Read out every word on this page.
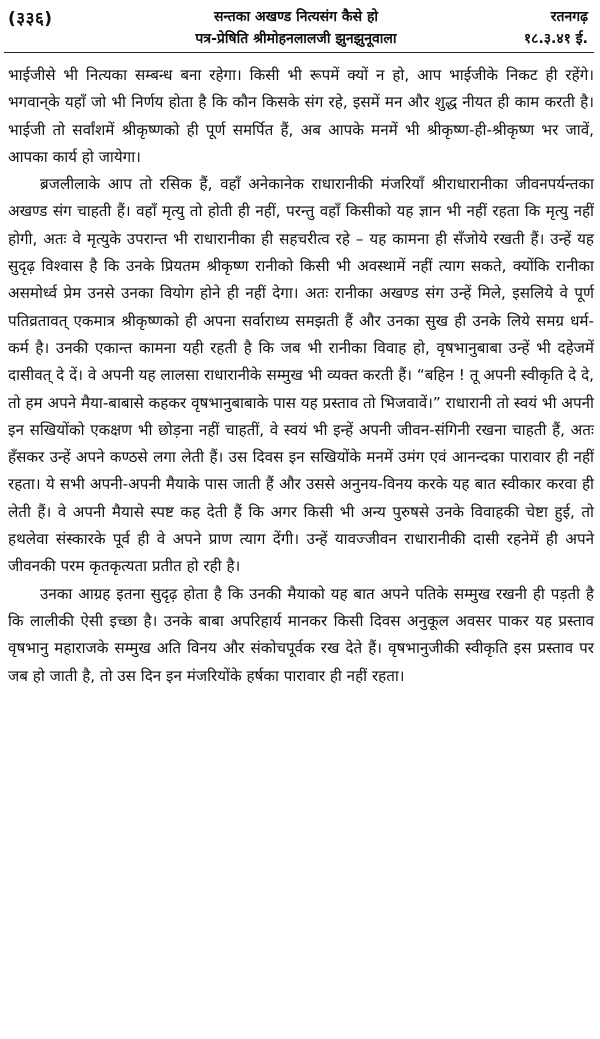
(३३६)	सन्तका अखण्ड नित्यसंग कैसे हो
पत्र-प्रेषिति श्रीमोहनलालजी झुनझुनूवाला
रतनगढ़
१८.३.४१ ई.

भाईजीसे भी नित्यका सम्बन्ध बना रहेगा। किसी भी रूपमें क्यों न हो, आप भाईजीके निकट ही रहेंगे। भगवान्‌के यहाँ जो भी निर्णय होता है कि कौन किसके संग रहे, इसमें मन और शुद्ध नीयत ही काम करती है। भाईजी तो सर्वांशमें श्रीकृष्णको ही पूर्ण समर्पित हैं, अब आपके मनमें भी श्रीकृष्ण-ही-श्रीकृष्ण भर जावें, आपका कार्य हो जायेगा।

ब्रजलीलाके आप तो रसिक हैं, वहाँ अनेकानेक राधारानीकी मंजरियाँ श्रीराधारानीका जीवनपर्यन्तका अखण्ड संग चाहती हैं। वहाँ मृत्यु तो होती ही नहीं, परन्तु वहाँ किसीको यह ज्ञान भी नहीं रहता कि मृत्यु नहीं होगी, अतः वे मृत्युके उपरान्त भी राधारानीका ही सहचरीत्व रहे – यह कामना ही सँजोये रखती हैं। उन्हें यह सुदृढ़ विश्वास है कि उनके प्रियतम श्रीकृष्ण रानीको किसी भी अवस्थामें नहीं त्याग सकते, क्योंकि रानीका असमोर्ध्व प्रेम उनसे उनका वियोग होने ही नहीं देगा। अतः रानीका अखण्ड संग उन्हें मिले, इसलिये वे पूर्ण पतिव्रतावत् एकमात्र श्रीकृष्णको ही अपना सर्वाराध्य समझती हैं और उनका सुख ही उनके लिये समग्र धर्म-कर्म है। उनकी एकान्त कामना यही रहती है कि जब भी रानीका विवाह हो, वृषभानुबाबा उन्हें भी दहेजमें दासीवत् दे दें। वे अपनी यह लालसा राधारानीके सम्मुख भी व्यक्त करती हैं। “बहिन ! तू अपनी स्वीकृति दे दे, तो हम अपने मैया-बाबासे कहकर वृषभानुबाबाके पास यह प्रस्ताव तो भिजवावें।” राधारानी तो स्वयं भी अपनी इन सखियोंको एकक्षण भी छोड़ना नहीं चाहतीं, वे स्वयं भी इन्हें अपनी जीवन-संगिनी रखना चाहती हैं, अतः हँसकर उन्हें अपने कण्ठसे लगा लेती हैं। उस दिवस इन सखियोंके मनमें उमंग एवं आनन्दका पारावार ही नहीं रहता। ये सभी अपनी-अपनी मैयाके पास जाती हैं और उससे अनुनय-विनय करके यह बात स्वीकार करवा ही लेती हैं। वे अपनी मैयासे स्पष्ट कह देती हैं कि अगर किसी भी अन्य पुरुषसे उनके विवाहकी चेष्टा हुई, तो हथलेवा संस्कारके पूर्व ही वे अपने प्राण त्याग देंगी। उन्हें यावज्जीवन राधारानीकी दासी रहनेमें ही अपने जीवनकी परम कृतकृत्यता प्रतीत हो रही है।

उनका आग्रह इतना सुदृढ़ होता है कि उनकी मैयाको यह बात अपने पतिके सम्मुख रखनी ही पड़ती है कि लालीकी ऐसी इच्छा है। उनके बाबा अपरिहार्य मानकर किसी दिवस अनुकूल अवसर पाकर यह प्रस्ताव वृषभानु महाराजके सम्मुख अति विनय और संकोचपूर्वक रख देते हैं। वृषभानुजीकी स्वीकृति इस प्रस्ताव पर जब हो जाती है, तो उस दिन इन मंजरियोंके हर्षका पारावार ही नहीं रहता।
